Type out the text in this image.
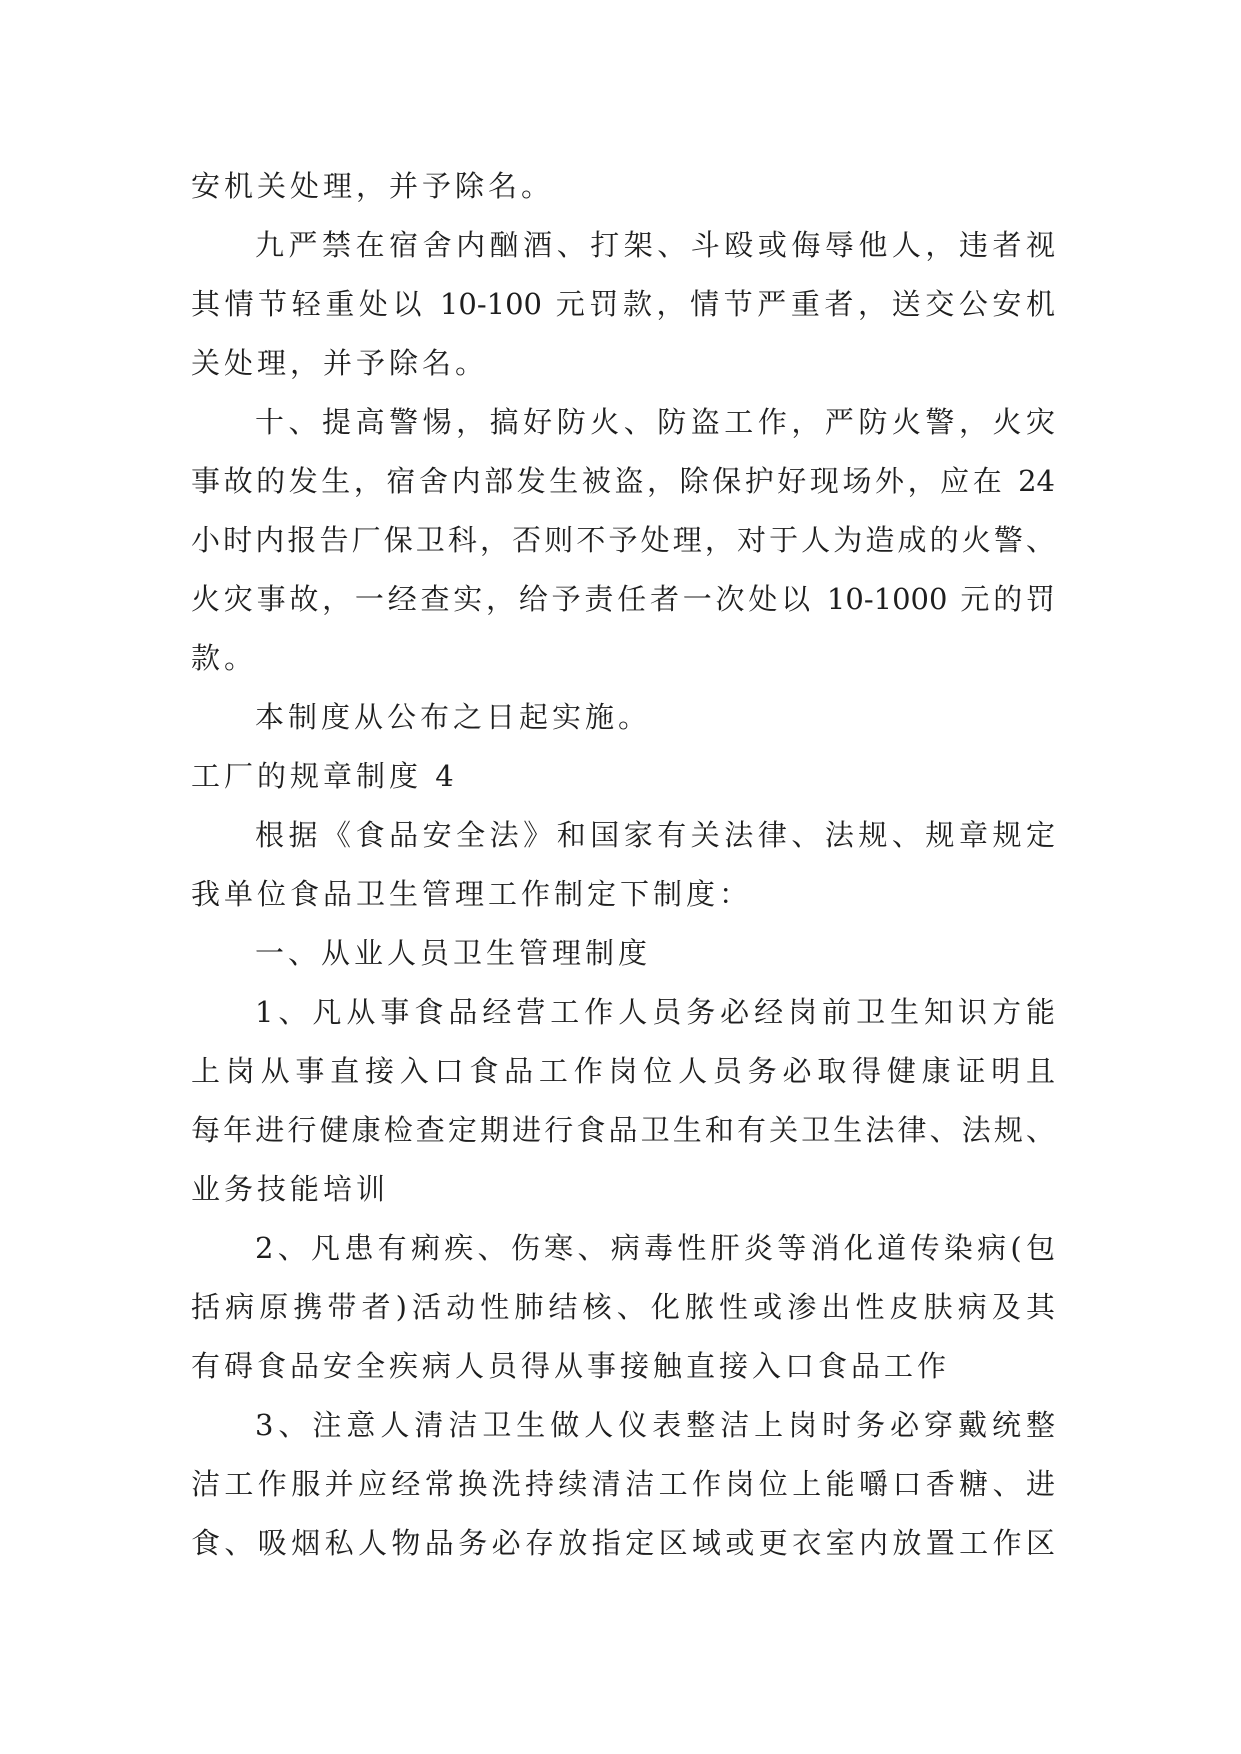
安机关处理，并予除名。
九严禁在宿舍内酗酒、打架、斗殴或侮辱他人，违者视
其情节轻重处以 10-100 元罚款，情节严重者，送交公安机
关处理，并予除名。
十、提高警惕，搞好防火、防盗工作，严防火警，火灾
事故的发生，宿舍内部发生被盗，除保护好现场外，应在 24
小时内报告厂保卫科，否则不予处理，对于人为造成的火警、
火灾事故，一经查实，给予责任者一次处以 10-1000 元的罚
款。
本制度从公布之日起实施。
工厂的规章制度 4
根据《食品安全法》和国家有关法律、法规、规章规定
我单位食品卫生管理工作制定下制度：
一、从业人员卫生管理制度
1、凡从事食品经营工作人员务必经岗前卫生知识方能
上岗从事直接入口食品工作岗位人员务必取得健康证明且
每年进行健康检查定期进行食品卫生和有关卫生法律、法规、
业务技能培训
2、凡患有痢疾、伤寒、病毒性肝炎等消化道传染病(包
括病原携带者)活动性肺结核、化脓性或渗出性皮肤病及其
有碍食品安全疾病人员得从事接触直接入口食品工作
3、注意人清洁卫生做人仪表整洁上岗时务必穿戴统整
洁工作服并应经常换洗持续清洁工作岗位上能嚼口香糖、进
食、吸烟私人物品务必存放指定区域或更衣室内放置工作区
